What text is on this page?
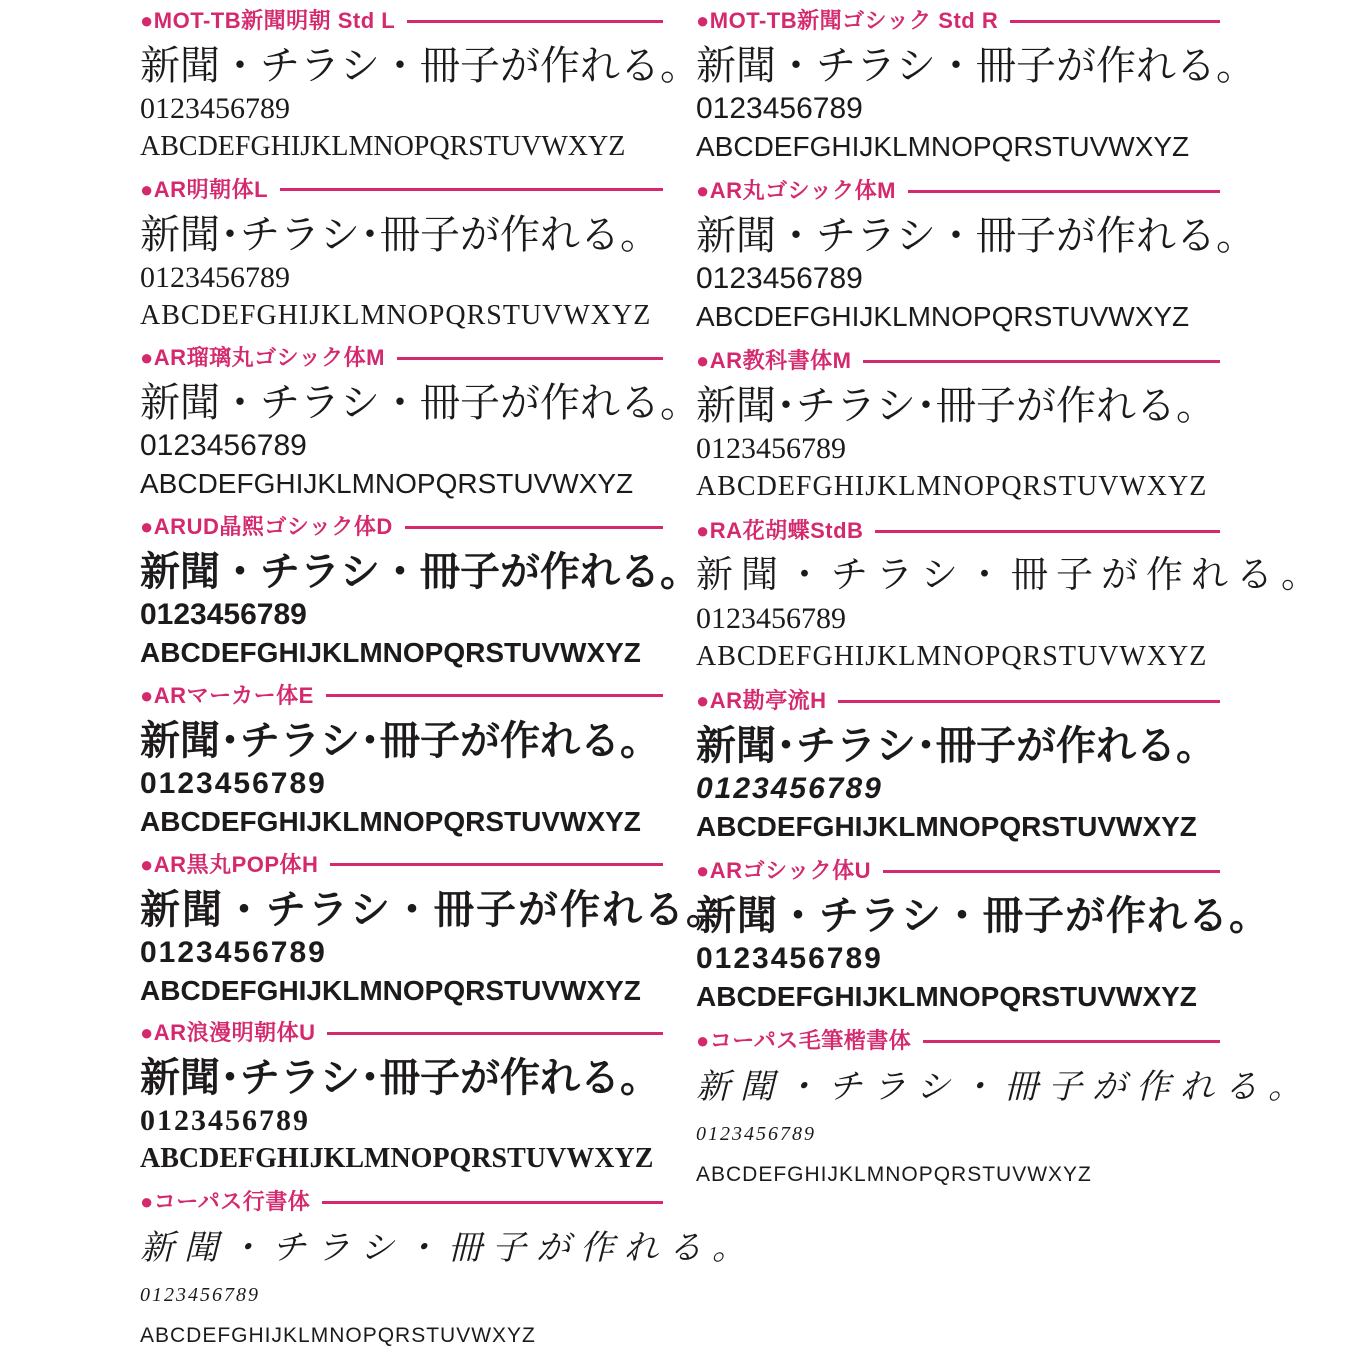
●MOT-TB新聞明朝 Std L
新聞・チラシ・冊子が作れる。
0123456789
ABCDEFGHIJKLMNOPQRSTUVWXYZ
●AR明朝体L
新聞･チラシ･冊子が作れる。
0123456789
ABCDEFGHIJKLMNOPQRSTUVWXYZ
●AR瑠璃丸ゴシック体M
新聞・チラシ・冊子が作れる。
0123456789
ABCDEFGHIJKLMNOPQRSTUVWXYZ
●ARUD晶熙ゴシック体D
新聞・チラシ・冊子が作れる。
0123456789
ABCDEFGHIJKLMNOPQRSTUVWXYZ
●ARマーカー体E
新聞･チラシ･冊子が作れる。
0123456789
ABCDEFGHIJKLMNOPQRSTUVWXYZ
●AR黒丸POP体H
新聞・チラシ・冊子が作れる。
0123456789
ABCDEFGHIJKLMNOPQRSTUVWXYZ
●AR浪漫明朝体U
新聞･チラシ･冊子が作れる。
0123456789
ABCDEFGHIJKLMNOPQRSTUVWXYZ
●コーパス行書体
新聞・チラシ・冊子が作れる。
0123456789
ABCDEFGHIJKLMNOPQRSTUVWXYZ
●MOT-TB新聞ゴシック Std R
新聞・チラシ・冊子が作れる。
0123456789
ABCDEFGHIJKLMNOPQRSTUVWXYZ
●AR丸ゴシック体M
新聞・チラシ・冊子が作れる。
0123456789
ABCDEFGHIJKLMNOPQRSTUVWXYZ
●AR教科書体M
新聞･チラシ･冊子が作れる。
0123456789
ABCDEFGHIJKLMNOPQRSTUVWXYZ
●RA花胡蝶StdB
新聞・チラシ・冊子が作れる。
0123456789
ABCDEFGHIJKLMNOPQRSTUVWXYZ
●AR勘亭流H
新聞･チラシ･冊子が作れる。
0123456789
ABCDEFGHIJKLMNOPQRSTUVWXYZ
●ARゴシック体U
新聞・チラシ・冊子が作れる。
0123456789
ABCDEFGHIJKLMNOPQRSTUVWXYZ
●コーパス毛筆楷書体
新聞・チラシ・冊子が作れる。
0123456789
ABCDEFGHIJKLMNOPQRSTUVWXYZ
